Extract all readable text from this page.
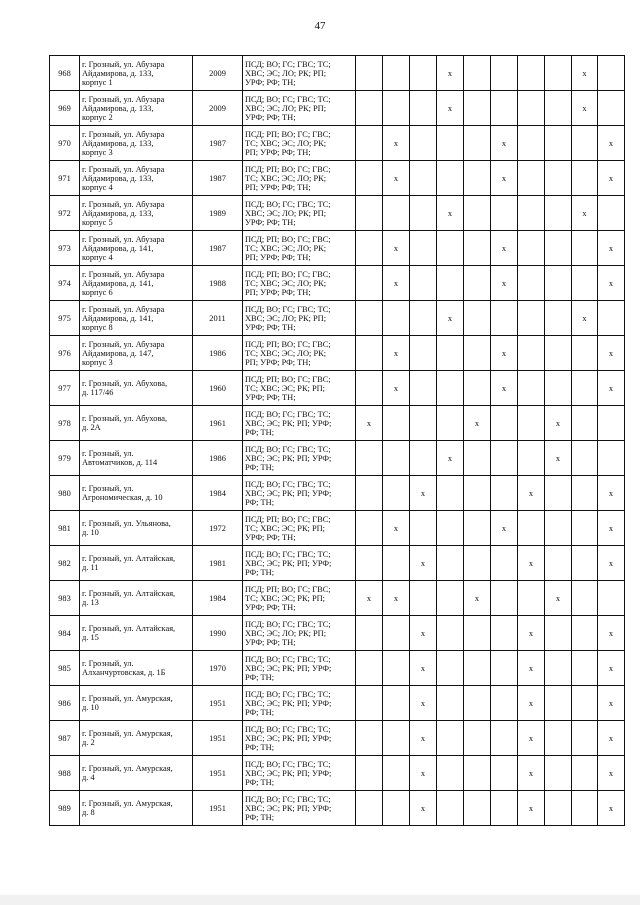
47
968	г. Грозный, ул. Абузара
Айдамирова, д. 133,
корпус 1	2009	ПСД; ВО; ГС; ГВС; ТС;
ХВС; ЭС; ЛО; РК; РП;
УРФ; РФ; ТН;				x					x	
969	г. Грозный, ул. Абузара
Айдамирова, д. 133,
корпус 2	2009	ПСД; ВО; ГС; ГВС; ТС;
ХВС; ЭС; ЛО; РК; РП;
УРФ; РФ; ТН;				x					x	
970	г. Грозный, ул. Абузара
Айдамирова, д. 133,
корпус 3	1987	ПСД; РП; ВО; ГС; ГВС;
ТС; ХВС; ЭС; ЛО; РК;
РП; УРФ; РФ; ТН;		x				x				x
971	г. Грозный, ул. Абузара
Айдамирова, д. 133,
корпус 4	1987	ПСД; РП; ВО; ГС; ГВС;
ТС; ХВС; ЭС; ЛО; РК;
РП; УРФ; РФ; ТН;		x				x				x
972	г. Грозный, ул. Абузара
Айдамирова, д. 133,
корпус 5	1989	ПСД; ВО; ГС; ГВС; ТС;
ХВС; ЭС; ЛО; РК; РП;
УРФ; РФ; ТН;				x					x	
973	г. Грозный, ул. Абузара
Айдамирова, д. 141,
корпус 4	1987	ПСД; РП; ВО; ГС; ГВС;
ТС; ХВС; ЭС; ЛО; РК;
РП; УРФ; РФ; ТН;		x				x				x
974	г. Грозный, ул. Абузара
Айдамирова, д. 141,
корпус 6	1988	ПСД; РП; ВО; ГС; ГВС;
ТС; ХВС; ЭС; ЛО; РК;
РП; УРФ; РФ; ТН;		x				x				x
975	г. Грозный, ул. Абузара
Айдамирова, д. 141,
корпус 8	2011	ПСД; ВО; ГС; ГВС; ТС;
ХВС; ЭС; ЛО; РК; РП;
УРФ; РФ; ТН;				x					x	
976	г. Грозный, ул. Абузара
Айдамирова, д. 147,
корпус 3	1986	ПСД; РП; ВО; ГС; ГВС;
ТС; ХВС; ЭС; ЛО; РК;
РП; УРФ; РФ; ТН;		x				x				x
977	г. Грозный, ул. Абухова,
д. 117/46	1960	ПСД; РП; ВО; ГС; ГВС;
ТС; ХВС; ЭС; РК; РП;
УРФ; РФ; ТН;		x				x				x
978	г. Грозный, ул. Абухова,
д. 2А	1961	ПСД; ВО; ГС; ГВС; ТС;
ХВС; ЭС; РК; РП; УРФ;
РФ; ТН;	x				x			x		
979	г. Грозный, ул.
Автоматчиков, д. 114	1986	ПСД; ВО; ГС; ГВС; ТС;
ХВС; ЭС; РК; РП; УРФ;
РФ; ТН;				x				x		
980	г. Грозный, ул.
Агрономическая, д. 10	1984	ПСД; ВО; ГС; ГВС; ТС;
ХВС; ЭС; РК; РП; УРФ;
РФ; ТН;			x				x			x
981	г. Грозный, ул. Ульянова,
д. 10	1972	ПСД; РП; ВО; ГС; ГВС;
ТС; ХВС; ЭС; РК; РП;
УРФ; РФ; ТН;		x				x				x
982	г. Грозный, ул. Алтайская,
д. 11	1981	ПСД; ВО; ГС; ГВС; ТС;
ХВС; ЭС; РК; РП; УРФ;
РФ; ТН;			x				x			x
983	г. Грозный, ул. Алтайская,
д. 13	1984	ПСД; РП; ВО; ГС; ГВС;
ТС; ХВС; ЭС; РК; РП;
УРФ; РФ; ТН;	x	x			x			x		
984	г. Грозный, ул. Алтайская,
д. 15	1990	ПСД; ВО; ГС; ГВС; ТС;
ХВС; ЭС; ЛО; РК; РП;
УРФ; РФ; ТН;			x				x			x
985	г. Грозный, ул.
Алханчуртовская, д. 1Б	1970	ПСД; ВО; ГС; ГВС; ТС;
ХВС; ЭС; РК; РП; УРФ;
РФ; ТН;			x				x			x
986	г. Грозный, ул. Амурская,
д. 10	1951	ПСД; ВО; ГС; ГВС; ТС;
ХВС; ЭС; РК; РП; УРФ;
РФ; ТН;			x				x			x
987	г. Грозный, ул. Амурская,
д. 2	1951	ПСД; ВО; ГС; ГВС; ТС;
ХВС; ЭС; РК; РП; УРФ;
РФ; ТН;			x				x			x
988	г. Грозный, ул. Амурская,
д. 4	1951	ПСД; ВО; ГС; ГВС; ТС;
ХВС; ЭС; РК; РП; УРФ;
РФ; ТН;			x				x			x
989	г. Грозный, ул. Амурская,
д. 8	1951	ПСД; ВО; ГС; ГВС; ТС;
ХВС; ЭС; РК; РП; УРФ;
РФ; ТН;			x				x			x
